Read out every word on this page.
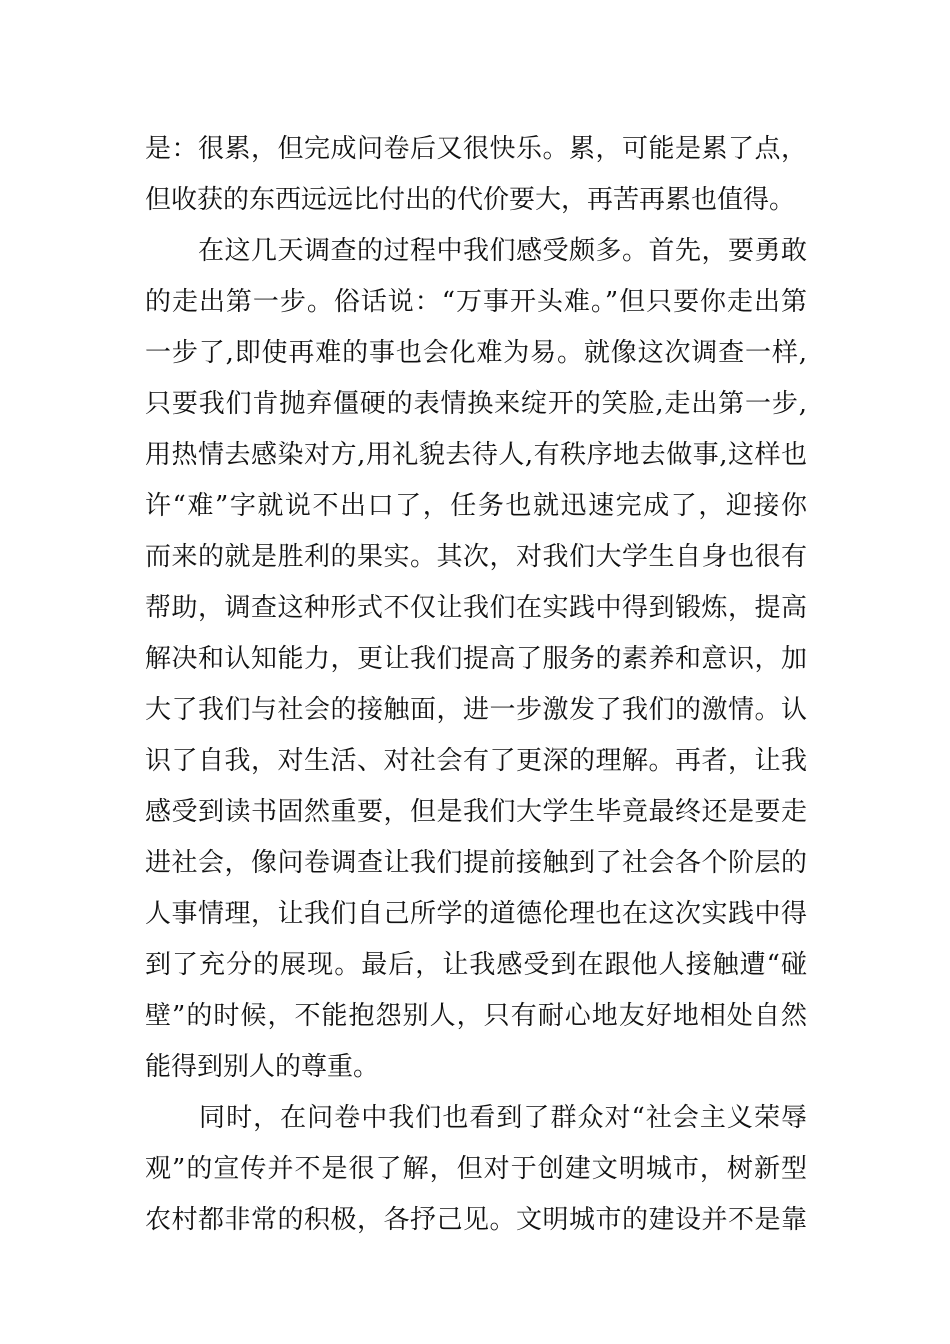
是：很累，但完成问卷后又很快乐。累，可能是累了点，
但收获的东西远远比付出的代价要大，再苦再累也值得。
　　在这几天调查的过程中我们感受颇多。首先，要勇敢
的走出第一步。俗话说：“万事开头难。”但只要你走出第
一步了,即使再难的事也会化难为易。就像这次调查一样,
只要我们肯抛弃僵硬的表情换来绽开的笑脸,走出第一步,
用热情去感染对方,用礼貌去待人,有秩序地去做事,这样也
许“难”字就说不出口了，任务也就迅速完成了，迎接你
而来的就是胜利的果实。其次，对我们大学生自身也很有
帮助，调查这种形式不仅让我们在实践中得到锻炼，提高
解决和认知能力，更让我们提高了服务的素养和意识，加
大了我们与社会的接触面，进一步激发了我们的激情。认
识了自我，对生活、对社会有了更深的理解。再者，让我
感受到读书固然重要，但是我们大学生毕竟最终还是要走
进社会，像问卷调查让我们提前接触到了社会各个阶层的
人事情理，让我们自己所学的道德伦理也在这次实践中得
到了充分的展现。最后，让我感受到在跟他人接触遭“碰
壁”的时候，不能抱怨别人，只有耐心地友好地相处自然
能得到别人的尊重。
　　同时，在问卷中我们也看到了群众对“社会主义荣辱
观”的宣传并不是很了解，但对于创建文明城市，树新型
农村都非常的积极，各抒己见。文明城市的建设并不是靠
